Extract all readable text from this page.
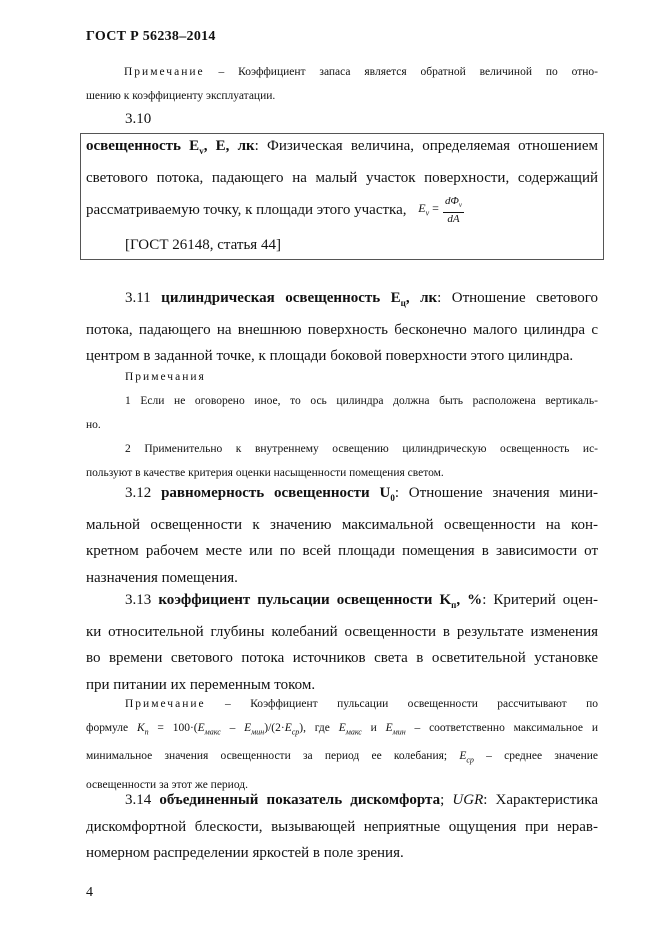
ГОСТ Р 56238–2014
Примечание – Коэффициент запаса является обратной величиной по отно-
шению к коэффициенту эксплуатации.
3.10
освещенность $E_v$, E, лк: Физическая величина, определяемая отношением
светового потока, падающего на малый участок поверхности, содержащий
рассматриваемую точку, к площади этого участка, $E_v = \frac{d\Phi_v}{dA}$
[ГОСТ 26148, статья 44]
3.11 цилиндрическая освещенность $E_ц$, лк: Отношение светового
потока, падающего на внешнюю поверхность бесконечно малого цилиндра с
центром в заданной точке, к площади боковой поверхности этого цилиндра.
Примечания
1 Если не оговорено иное, то ось цилиндра должна быть расположена вертикаль-
но.
2 Применительно к внутреннему освещению цилиндрическую освещенность ис-
пользуют в качестве критерия оценки насыщенности помещения светом.
3.12 равномерность освещенности $U_0$: Отношение значения мини-
мальной освещенности к значению максимальной освещенности на кон-
кретном рабочем месте или по всей площади помещения в зависимости от
назначения помещения.
3.13 коэффициент пульсации освещенности $K_п$, %: Критерий оцен-
ки относительной глубины колебаний освещенности в результате изменения
во времени светового потока источников света в осветительной установке
при питании их переменным током.
Примечание – Коэффициент пульсации освещенности рассчитывают по
формуле $K_п = 100\cdot(E_{макс} - E_{мин})/(2\cdot E_{ср})$, где $E_{макс}$ и $E_{мин}$ – соответственно максимальное и
минимальное значения освещенности за период ее колебания; $E_{ср}$ – среднее значение
освещенности за этот же период.
3.14 объединенный показатель дискомфорта; UGR: Характеристика
дискомфортной блескости, вызывающей неприятные ощущения при нерав-
номерном распределении яркостей в поле зрения.
4
